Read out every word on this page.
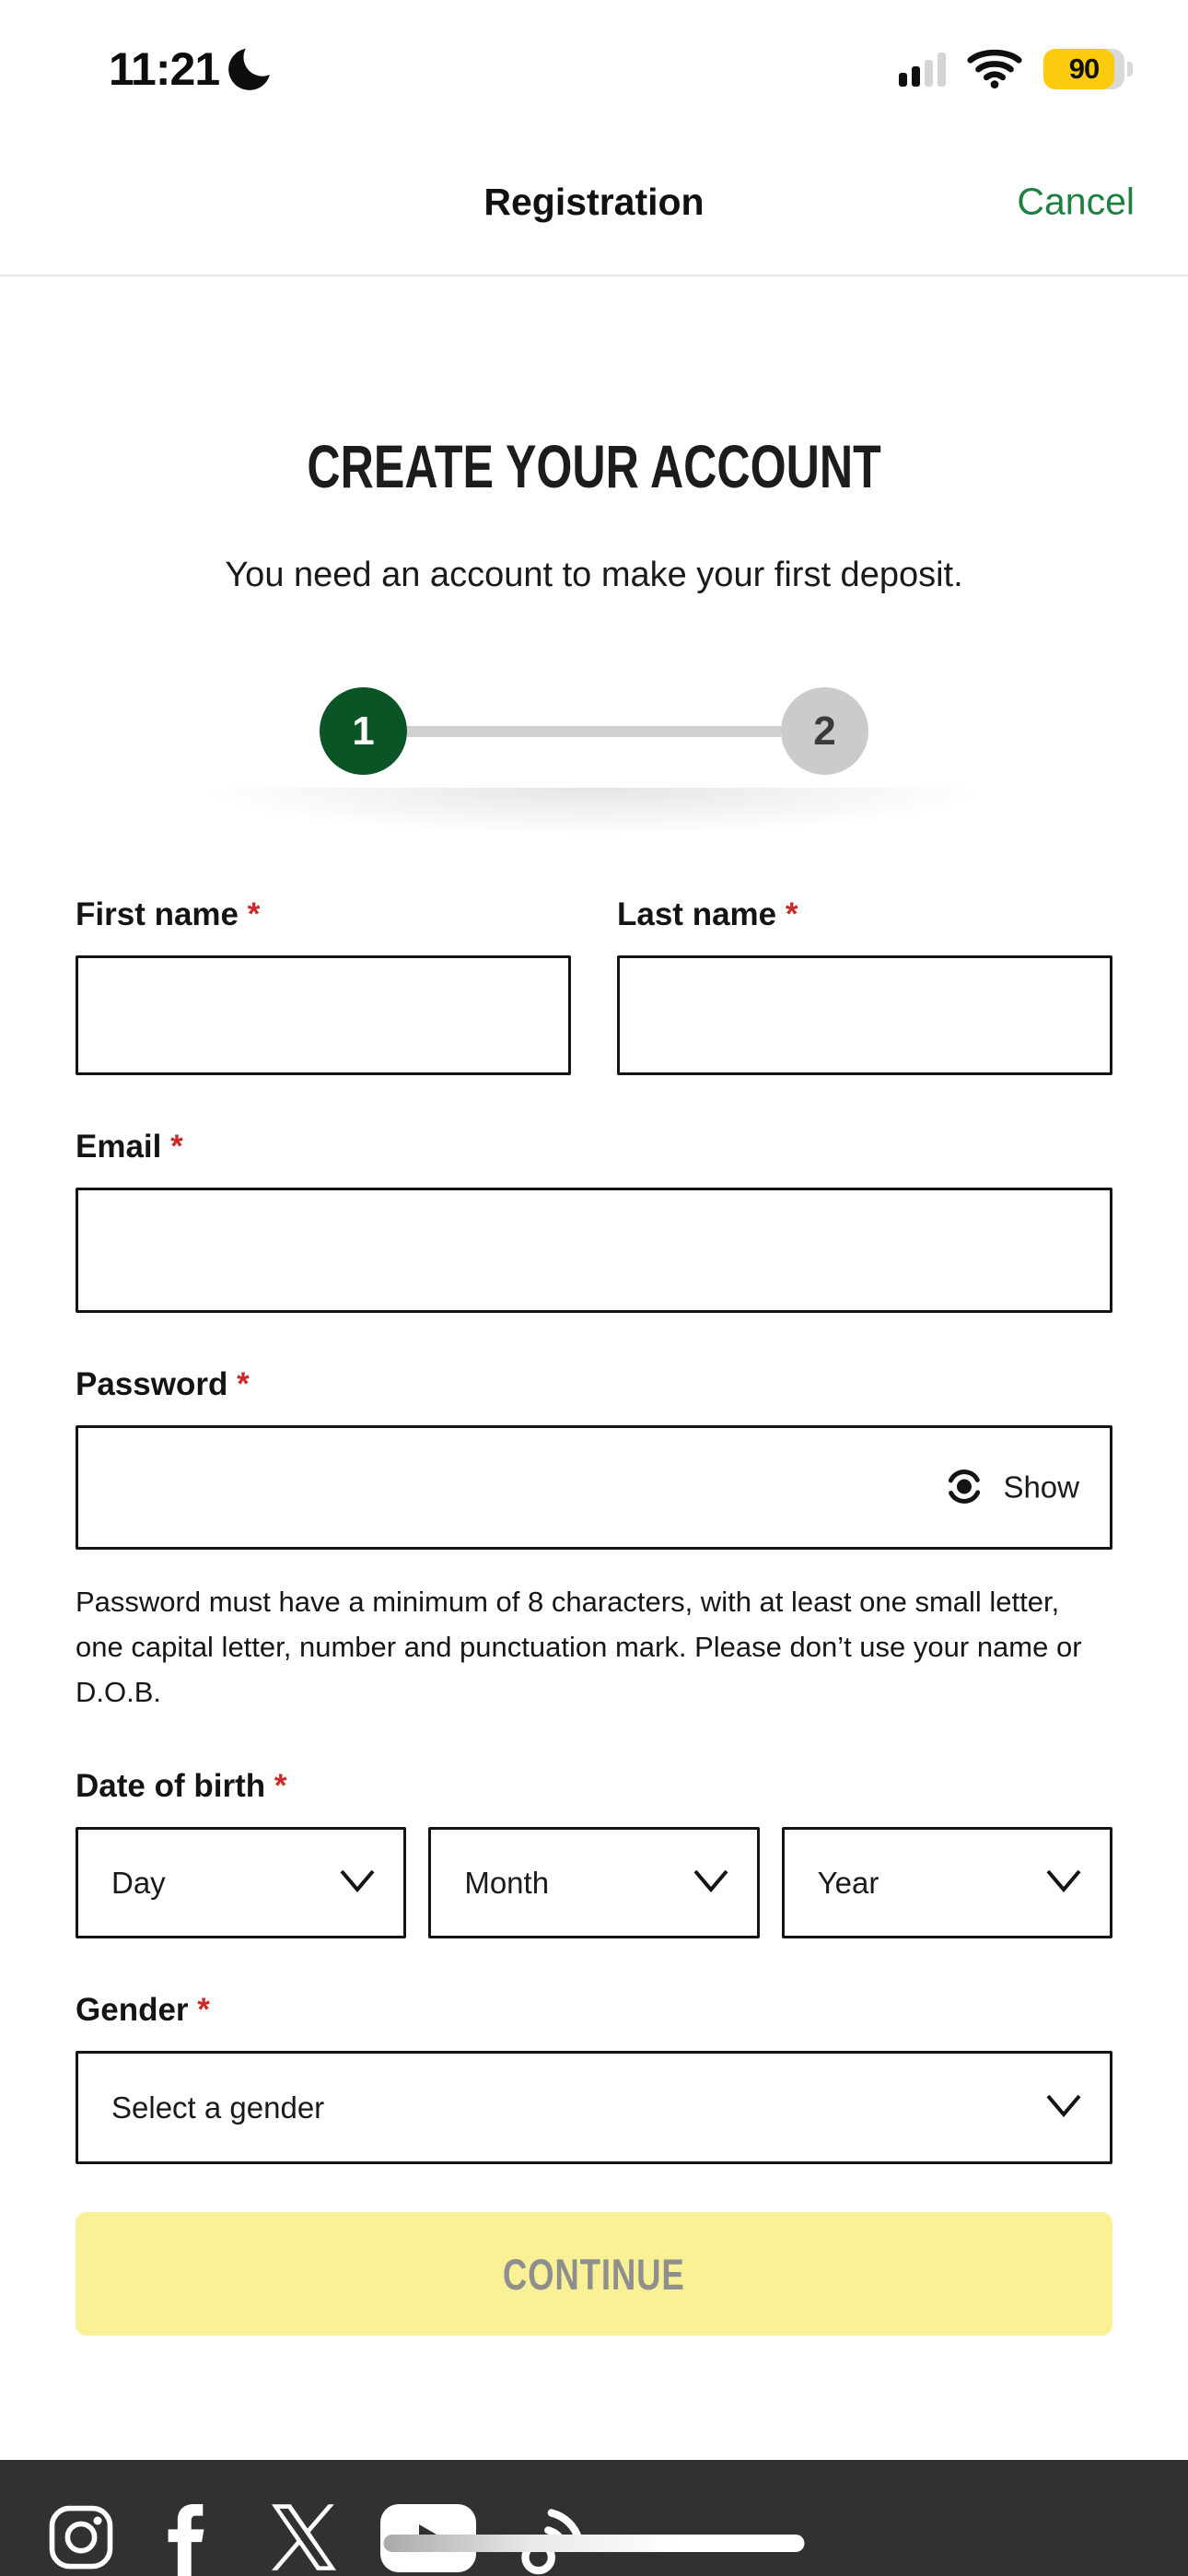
11:21	90
Registration	Cancel
CREATE YOUR ACCOUNT
You need an account to make your first deposit.
1	2
First name *	Last name *
Email *
Password *
Show
Password must have a minimum of 8 characters, with at least one small letter, one capital letter, number and punctuation mark. Please don’t use your name or D.O.B.
Date of birth *
Day	Month	Year
Gender *
Select a gender
CONTINUE
